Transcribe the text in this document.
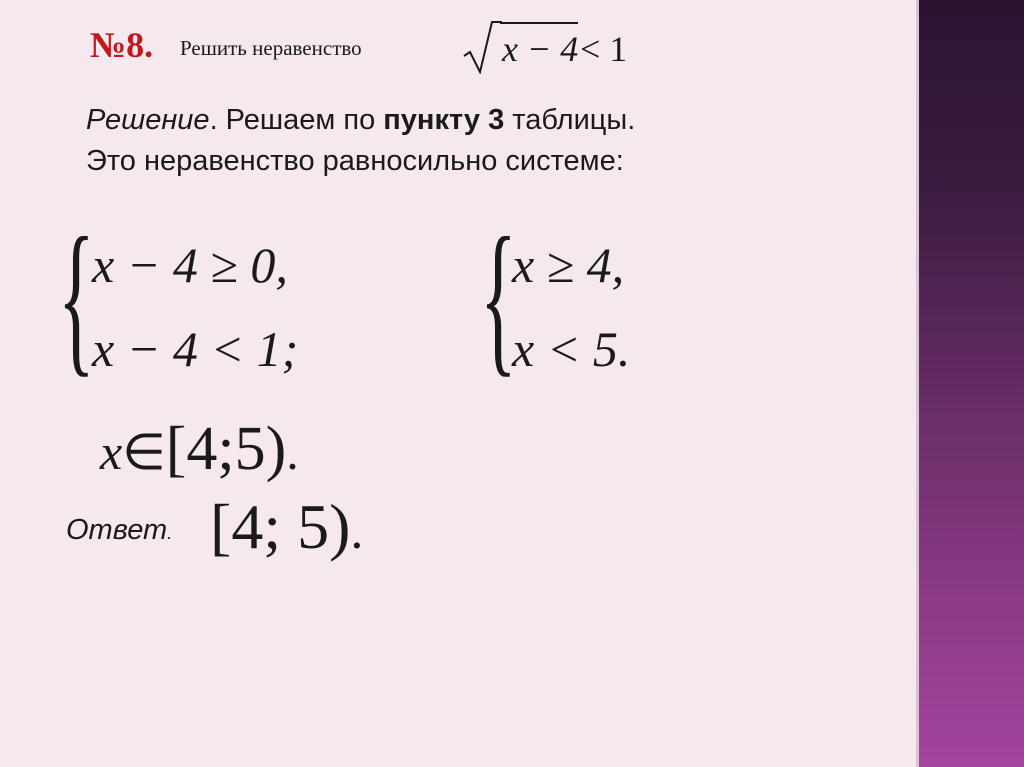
№8. Решить неравенство	x − 4 < 1
Решение. Решаем по пункту 3 таблицы.
Это неравенство равносильно системе:
{
x − 4 ≥ 0,
x − 4 < 1; {
x ≥ 4,
x < 5.
x∈[4;5).
Ответ. [4; 5).
